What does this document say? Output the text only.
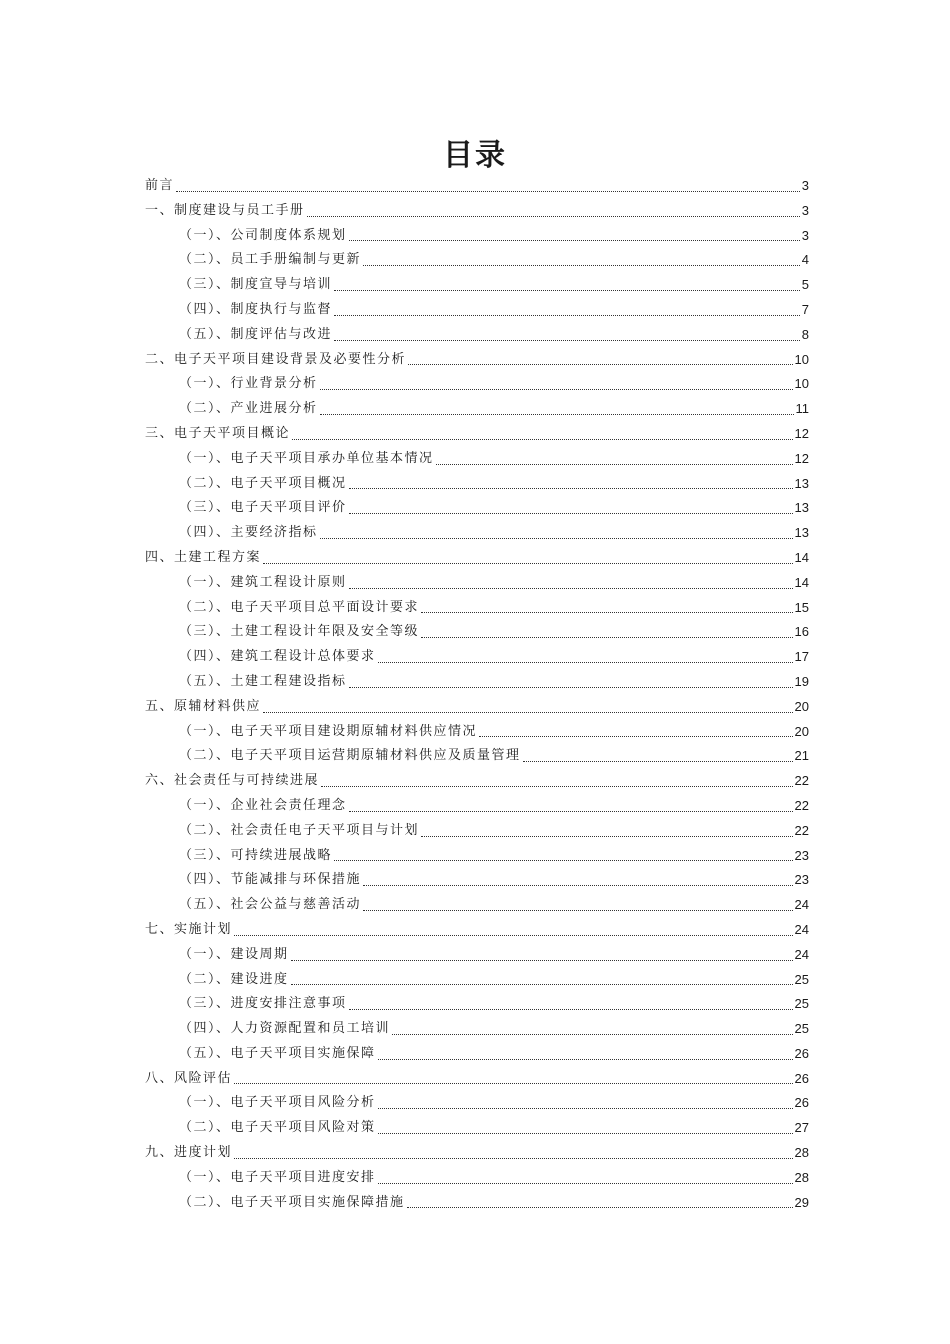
目录
前言	3
一、制度建设与员工手册	3
（一）、公司制度体系规划	3
（二）、员工手册编制与更新	4
（三）、制度宣导与培训	5
（四）、制度执行与监督	7
（五）、制度评估与改进	8
二、电子天平项目建设背景及必要性分析	10
（一）、行业背景分析	10
（二）、产业进展分析	11
三、电子天平项目概论	12
（一）、电子天平项目承办单位基本情况	12
（二）、电子天平项目概况	13
（三）、电子天平项目评价	13
（四）、主要经济指标	13
四、土建工程方案	14
（一）、建筑工程设计原则	14
（二）、电子天平项目总平面设计要求	15
（三）、土建工程设计年限及安全等级	16
（四）、建筑工程设计总体要求	17
（五）、土建工程建设指标	19
五、原辅材料供应	20
（一）、电子天平项目建设期原辅材料供应情况	20
（二）、电子天平项目运营期原辅材料供应及质量管理	21
六、社会责任与可持续进展	22
（一）、企业社会责任理念	22
（二）、社会责任电子天平项目与计划	22
（三）、可持续进展战略	23
（四）、节能减排与环保措施	23
（五）、社会公益与慈善活动	24
七、实施计划	24
（一）、建设周期	24
（二）、建设进度	25
（三）、进度安排注意事项	25
（四）、人力资源配置和员工培训	25
（五）、电子天平项目实施保障	26
八、风险评估	26
（一）、电子天平项目风险分析	26
（二）、电子天平项目风险对策	27
九、进度计划	28
（一）、电子天平项目进度安排	28
（二）、电子天平项目实施保障措施	29
